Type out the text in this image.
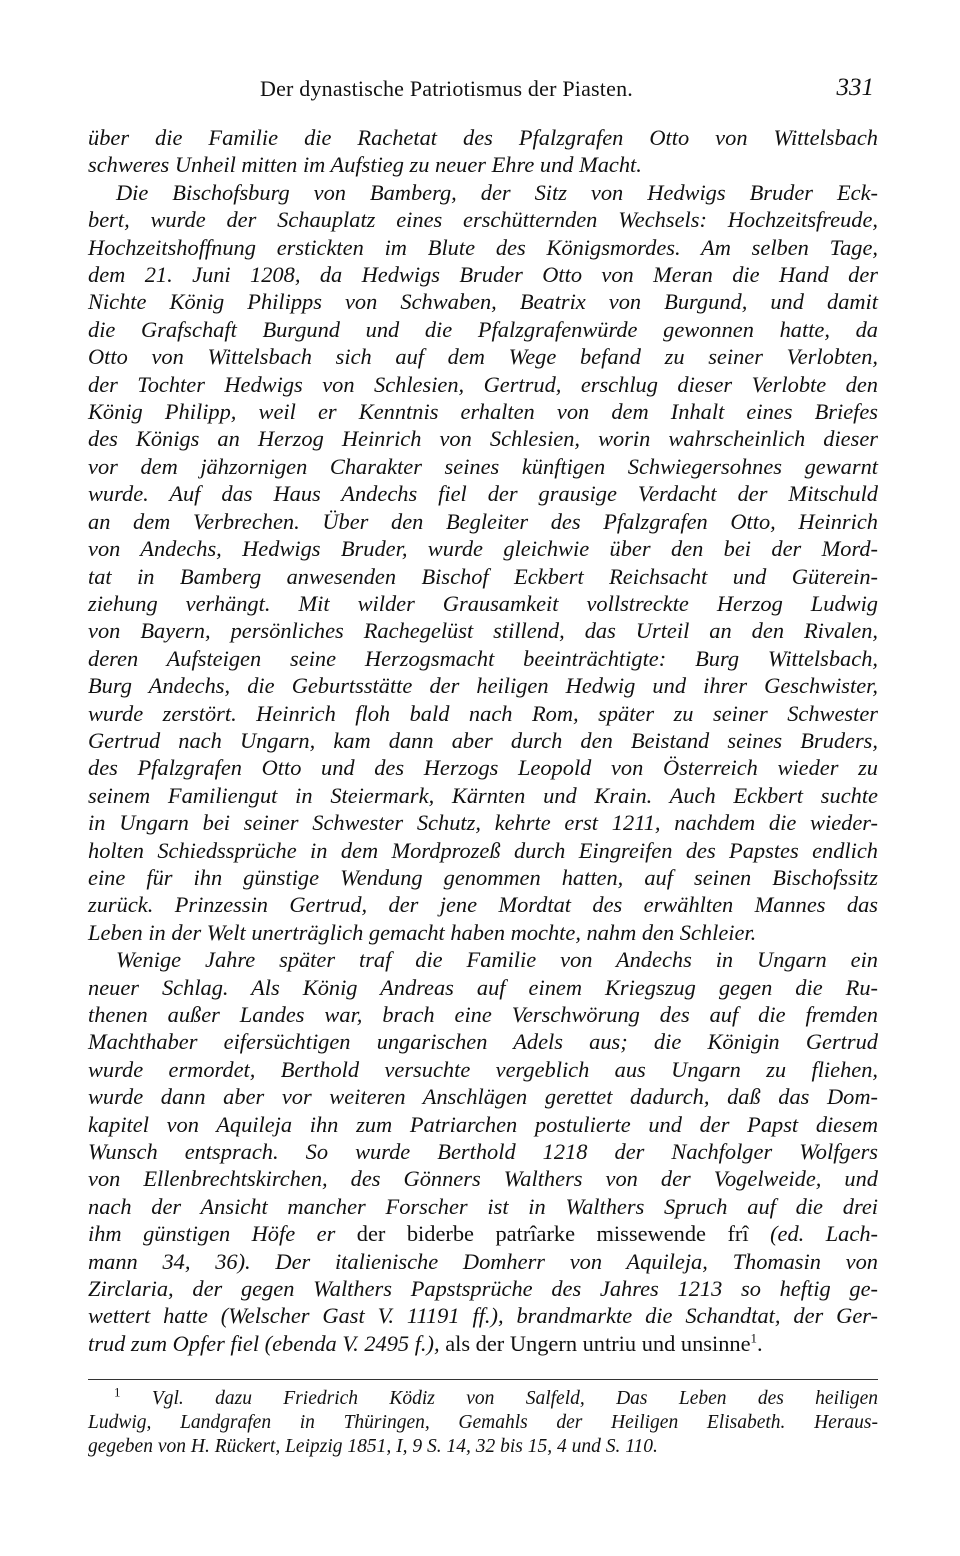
Der dynastische Patriotismus der Piasten.	331
über die Familie die Rachetat des Pfalzgrafen Otto von Wittelsbach
schweres Unheil mitten im Aufstieg zu neuer Ehre und Macht.
Die Bischofsburg von Bamberg, der Sitz von Hedwigs Bruder Eck-
bert, wurde der Schauplatz eines erschütternden Wechsels: Hochzeitsfreude,
Hochzeitshoffnung erstickten im Blute des Königsmordes. Am selben Tage,
dem 21. Juni 1208, da Hedwigs Bruder Otto von Meran die Hand der
Nichte König Philipps von Schwaben, Beatrix von Burgund, und damit
die Grafschaft Burgund und die Pfalzgrafenwürde gewonnen hatte, da
Otto von Wittelsbach sich auf dem Wege befand zu seiner Verlobten,
der Tochter Hedwigs von Schlesien, Gertrud, erschlug dieser Verlobte den
König Philipp, weil er Kenntnis erhalten von dem Inhalt eines Briefes
des Königs an Herzog Heinrich von Schlesien, worin wahrscheinlich dieser
vor dem jähzornigen Charakter seines künftigen Schwiegersohnes gewarnt
wurde. Auf das Haus Andechs fiel der grausige Verdacht der Mitschuld
an dem Verbrechen. Über den Begleiter des Pfalzgrafen Otto, Heinrich
von Andechs, Hedwigs Bruder, wurde gleichwie über den bei der Mord-
tat in Bamberg anwesenden Bischof Eckbert Reichsacht und Güterein-
ziehung verhängt. Mit wilder Grausamkeit vollstreckte Herzog Ludwig
von Bayern, persönliches Rachegelüst stillend, das Urteil an den Rivalen,
deren Aufsteigen seine Herzogsmacht beeinträchtigte: Burg Wittelsbach,
Burg Andechs, die Geburtsstätte der heiligen Hedwig und ihrer Geschwister,
wurde zerstört. Heinrich floh bald nach Rom, später zu seiner Schwester
Gertrud nach Ungarn, kam dann aber durch den Beistand seines Bruders,
des Pfalzgrafen Otto und des Herzogs Leopold von Österreich wieder zu
seinem Familiengut in Steiermark, Kärnten und Krain. Auch Eckbert suchte
in Ungarn bei seiner Schwester Schutz, kehrte erst 1211, nachdem die wieder-
holten Schiedssprüche in dem Mordprozeß durch Eingreifen des Papstes endlich
eine für ihn günstige Wendung genommen hatten, auf seinen Bischofssitz
zurück. Prinzessin Gertrud, der jene Mordtat des erwählten Mannes das
Leben in der Welt unerträglich gemacht haben mochte, nahm den Schleier.
Wenige Jahre später traf die Familie von Andechs in Ungarn ein
neuer Schlag. Als König Andreas auf einem Kriegszug gegen die Ru-
thenen außer Landes war, brach eine Verschwörung des auf die fremden
Machthaber eifersüchtigen ungarischen Adels aus; die Königin Gertrud
wurde ermordet, Berthold versuchte vergeblich aus Ungarn zu fliehen,
wurde dann aber vor weiteren Anschlägen gerettet dadurch, daß das Dom-
kapitel von Aquileja ihn zum Patriarchen postulierte und der Papst diesem
Wunsch entsprach. So wurde Berthold 1218 der Nachfolger Wolfgers
von Ellenbrechtskirchen, des Gönners Walthers von der Vogelweide, und
nach der Ansicht mancher Forscher ist in Walthers Spruch auf die drei
ihm günstigen Höfe er der biderbe patrîarke missewende frî (ed. Lach-
mann 34, 36). Der italienische Domherr von Aquileja, Thomasin von
Zirclaria, der gegen Walthers Papstsprüche des Jahres 1213 so heftig ge-
wettert hatte (Welscher Gast V. 11191 ff.), brandmarkte die Schandtat, der Ger-
trud zum Opfer fiel (ebenda V. 2495 f.), als der Ungern untriu und unsinne$^1$.
$^1$ Vgl. dazu Friedrich Ködiz von Salfeld, Das Leben des heiligen
Ludwig, Landgrafen in Thüringen, Gemahls der Heiligen Elisabeth. Heraus-
gegeben von H. Rückert, Leipzig 1851, I, 9 S. 14, 32 bis 15, 4 und S. 110.
